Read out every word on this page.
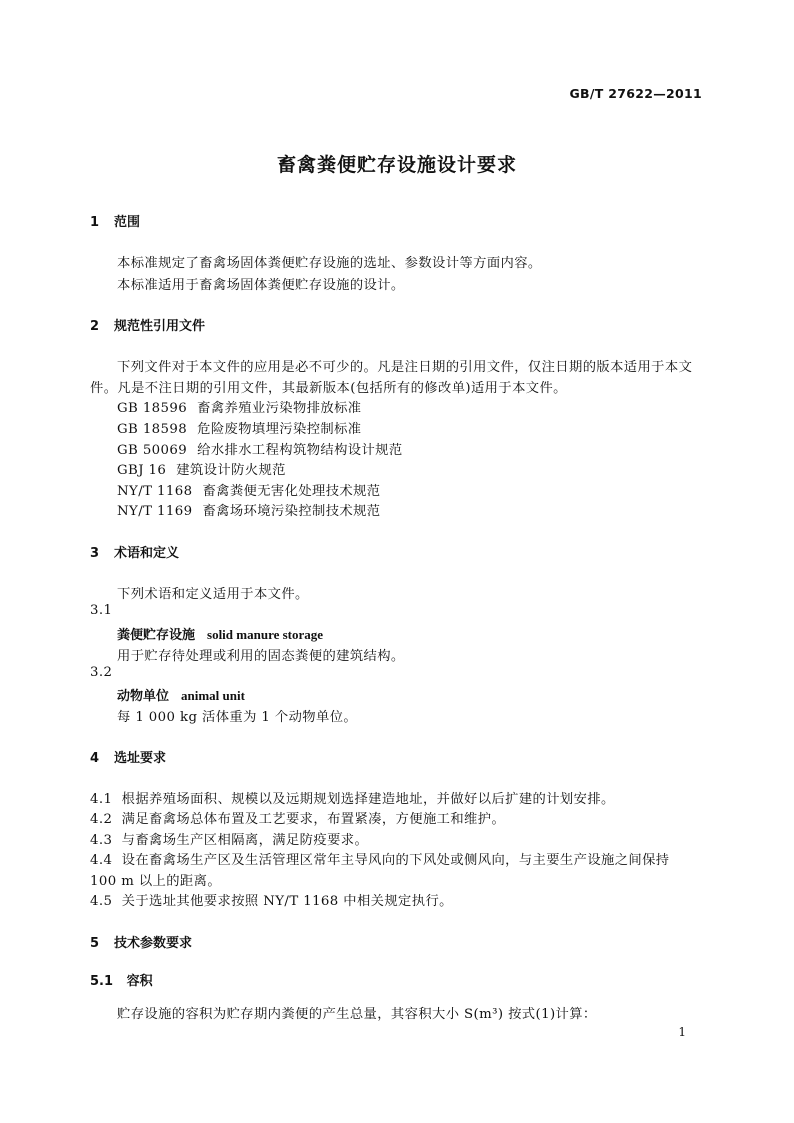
GB/T 27622—2011
畜禽粪便贮存设施设计要求
1 范围
本标准规定了畜禽场固体粪便贮存设施的选址、参数设计等方面内容。
本标准适用于畜禽场固体粪便贮存设施的设计。
2 规范性引用文件
下列文件对于本文件的应用是必不可少的。凡是注日期的引用文件，仅注日期的版本适用于本文
件。凡是不注日期的引用文件，其最新版本(包括所有的修改单)适用于本文件。
GB 18596 畜禽养殖业污染物排放标准
GB 18598 危险废物填埋污染控制标准
GB 50069 给水排水工程构筑物结构设计规范
GBJ 16 建筑设计防火规范
NY/T 1168 畜禽粪便无害化处理技术规范
NY/T 1169 畜禽场环境污染控制技术规范
3 术语和定义
下列术语和定义适用于本文件。
3.1
粪便贮存设施 solid manure storage
用于贮存待处理或利用的固态粪便的建筑结构。
3.2
动物单位 animal unit
每 1 000 kg 活体重为 1 个动物单位。
4 选址要求
4.1 根据养殖场面积、规模以及远期规划选择建造地址，并做好以后扩建的计划安排。
4.2 满足畜禽场总体布置及工艺要求，布置紧凑，方便施工和维护。
4.3 与畜禽场生产区相隔离，满足防疫要求。
4.4 设在畜禽场生产区及生活管理区常年主导风向的下风处或侧风向，与主要生产设施之间保持
100 m 以上的距离。
4.5 关于选址其他要求按照 NY/T 1168 中相关规定执行。
5 技术参数要求
5.1 容积
贮存设施的容积为贮存期内粪便的产生总量，其容积大小 S(m³) 按式(1)计算：
1
